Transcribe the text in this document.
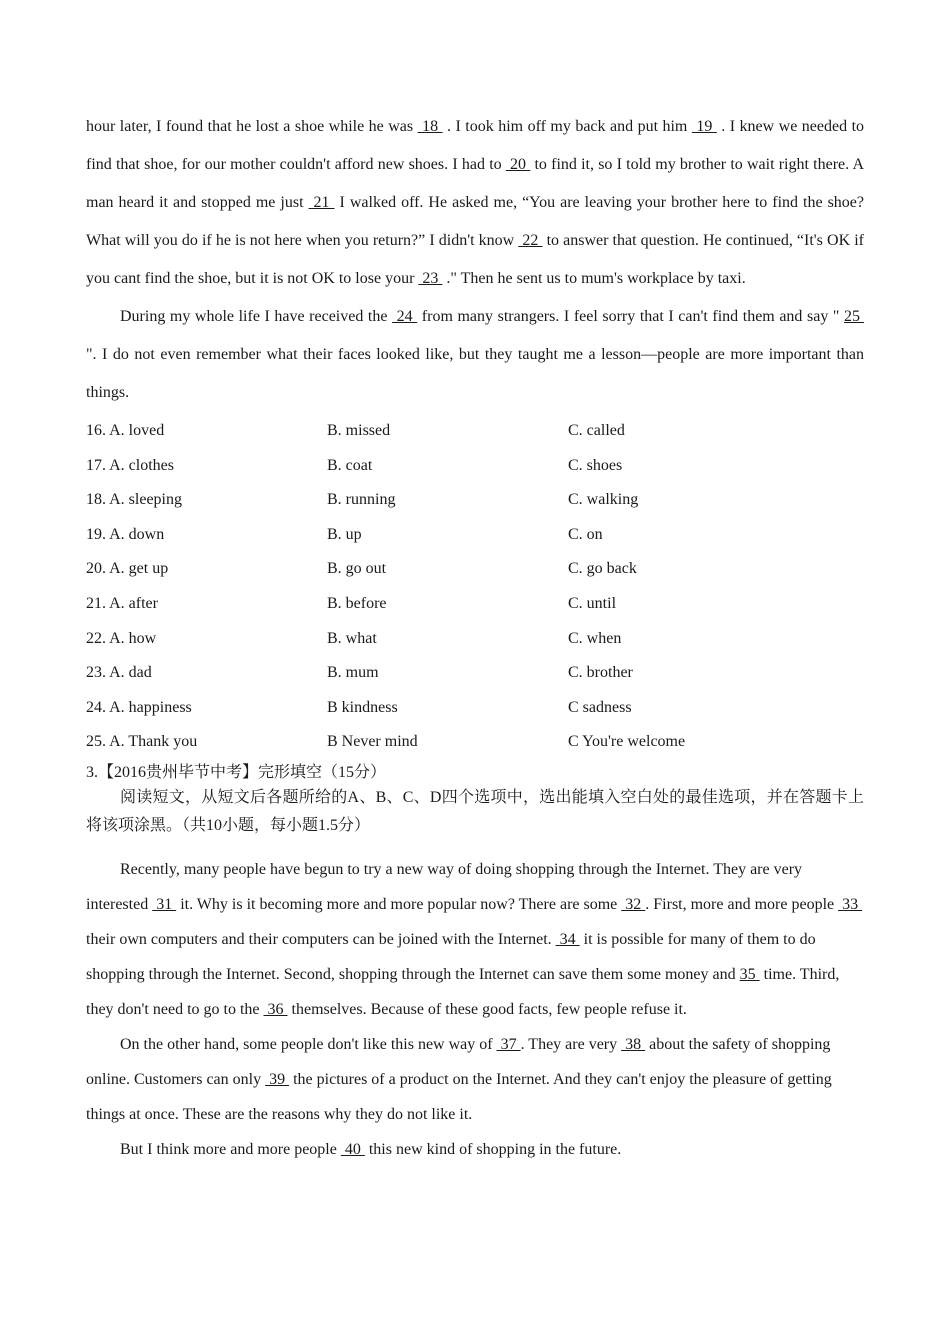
hour later, I found that he lost a shoe while he was  18  . I took him off my back and put him  19  . I knew we needed to find that shoe, for our mother couldn't afford new shoes. I had to  20  to find it, so I told my brother to wait right there. A man heard it and stopped me just  21  I walked off. He asked me, “You are leaving your brother here to find the shoe? What will you do if he is not here when you return?” I didn't know  22  to answer that question. He continued, “It's OK if you cant find the shoe, but it is not OK to lose your  23  ." Then he sent us to mum's workplace by taxi.

During my whole life I have received the  24  from many strangers. I feel sorry that I can't find them and say " 25  ". I do not even remember what their faces looked like, but they taught me a lesson—people are more important than things.

16. A. loved	B. missed	C. called
17. A. clothes	B. coat	C. shoes
18. A. sleeping	B. running	C. walking
19. A. down	B. up	C. on
20. A. get up	B. go out	C. go back
21. A. after	B. before	C. until
22. A. how	B. what	C. when
23. A. dad	B. mum	C. brother
24. A. happiness	B kindness	C sadness
25. A. Thank you	B Never mind	C You're welcome
3.【2016贵州毕节中考】完形填空（15分）
阅读短文，从短文后各题所给的A、B、C、D四个选项中，选出能填入空白处的最佳选项，并在答题卡上将该项涂黑。（共10小题，每小题1.5分）

Recently, many people have begun to try a new way of doing shopping through the Internet. They are very interested  31  it. Why is it becoming more and more popular now? There are some  32 . First, more and more people  33  their own computers and their computers can be joined with the Internet.  34  it is possible for many of them to do shopping through the Internet. Second, shopping through the Internet can save them some money and 35  time. Third, they don't need to go to the  36  themselves. Because of these good facts, few people refuse it.

On the other hand, some people don't like this new way of  37 . They are very  38  about the safety of shopping online. Customers can only  39  the pictures of a product on the Internet. And they can't enjoy the pleasure of getting things at once. These are the reasons why they do not like it.

But I think more and more people  40  this new kind of shopping in the future.
